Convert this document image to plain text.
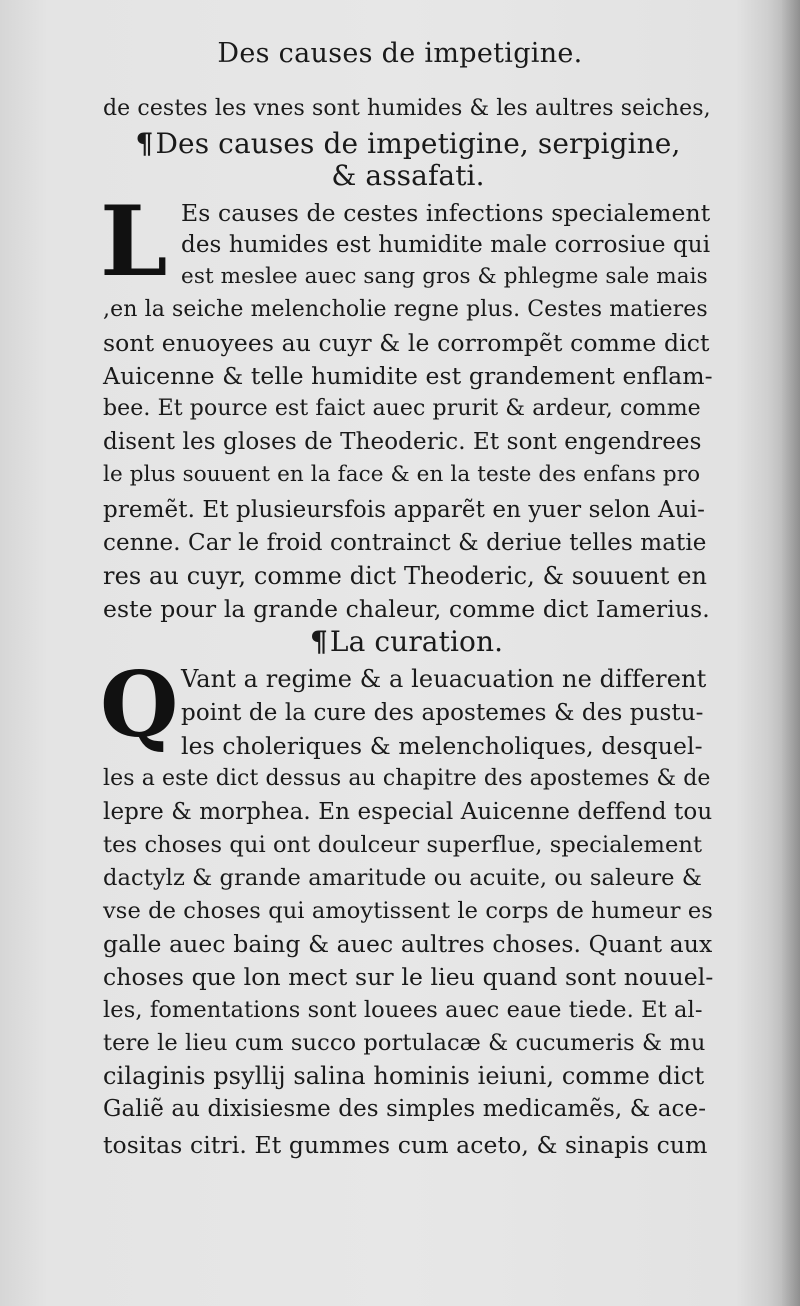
Des causes de impetigine.
de cestes les vnes sont humides & les aultres seiches,
¶Des causes de impetigine, serpigine,
& assafati.
L Es causes de cestes infections specialement
des humides est humidite male corrosiue qui
est meslee auec sang gros & phlegme sale mais
,en la seiche melencholie regne plus. Cestes matieres
sont enuoyees au cuyr & le corrompẽt comme dict
Auicenne & telle humidite est grandement enflam-
bee. Et pource est faict auec prurit & ardeur, comme
disent les gloses de Theoderic. Et sont engendrees
le plus souuent en la face & en la teste des enfans pro
premẽt. Et plusieursfois apparẽt en yuer selon Aui-
cenne. Car le froid contrainct & deriue telles matie
res au cuyr, comme dict Theoderic, & souuent en
este pour la grande chaleur, comme dict Iamerius.
¶La curation.
Q Vant a regime & a leuacuation ne different
point de la cure des apostemes & des pustu-
les choleriques & melencholiques, desquel-
les a este dict dessus au chapitre des apostemes & de
lepre & morphea. En especial Auicenne deffend tou
tes choses qui ont doulceur superflue, specialement
dactylz & grande amaritude ou acuite, ou saleure &
vse de choses qui amoytissent le corps de humeur es
galle auec baing & auec aultres choses. Quant aux
choses que lon mect sur le lieu quand sont nouuel-
les, fomentations sont louees auec eaue tiede. Et al-
tere le lieu cum succo portulacæ & cucumeris & mu
cilaginis psyllij salina hominis ieiuni, comme dict
Galiẽ au dixisiesme des simples medicamẽs, & ace-
tositas citri. Et gummes cum aceto, & sinapis cum
